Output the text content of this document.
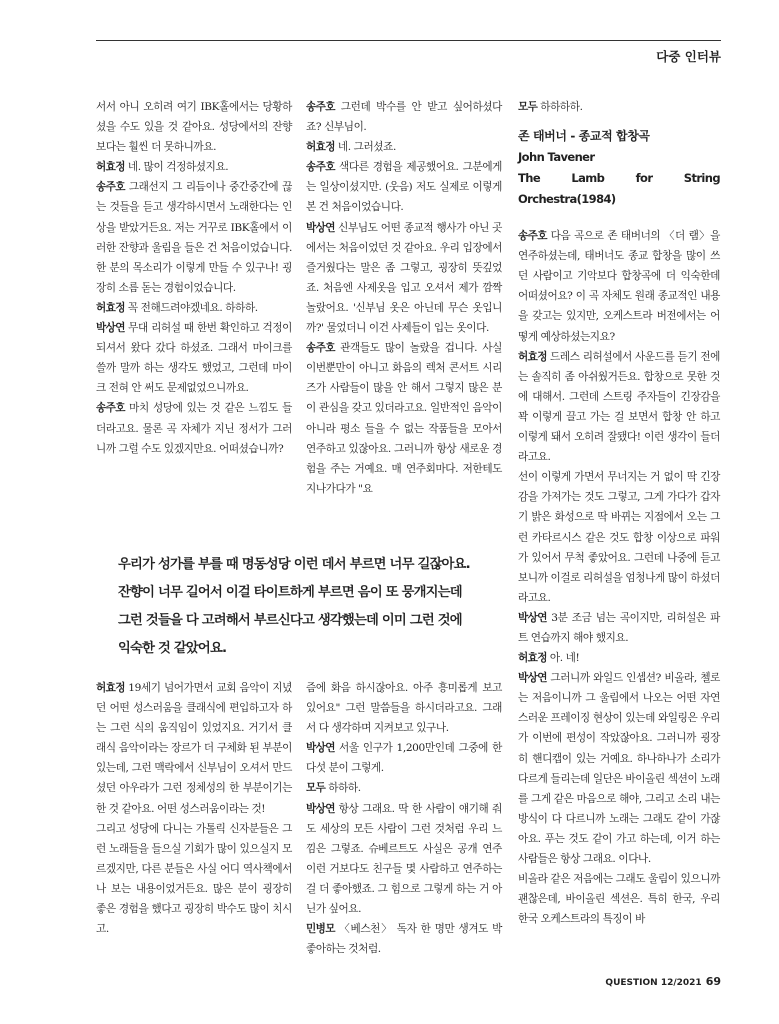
다중 인터뷰

서서 아니 오히려 여기 IBK홀에서는 당황하셨을 수도 있을 것 같아요. 성당에서의 잔향보다는 훨씬 더 못하니까요.

허효정 네. 많이 걱정하셨지요.

송주호 그래선지 그 리듬이나 중간중간에 끊는 것들을 듣고 생각하시면서 노래한다는 인상을 받았거든요. 저는 거꾸로 IBK홀에서 이러한 잔향과 울림을 들은 건 처음이었습니다. 한 분의 목소리가 이렇게 만들 수 있구나! 굉장히 소름 돋는 경험이었습니다.

허효정 꼭 전해드려야겠네요. 하하하.

박상연 무대 리허설 때 한번 확인하고 걱정이 되셔서 왔다 갔다 하셨죠. 그래서 마이크를 쓸까 말까 하는 생각도 했었고, 그런데 마이크 전혀 안 써도 문제없었으니까요.

송주호 마치 성당에 있는 것 같은 느낌도 들더라고요. 물론 곡 자체가 지닌 정서가 그러니까 그럴 수도 있겠지만요. 어떠셨습니까?

송주호 그런데 박수를 안 받고 싶어하셨다죠? 신부님이.

허효정 네. 그러셨죠.

송주호 색다른 경험을 제공했어요. 그분에게는 일상이셨지만. (웃음) 저도 실제로 이렇게 본 건 처음이었습니다.

박상연 신부님도 어떤 종교적 행사가 아닌 곳에서는 처음이었던 것 같아요. 우리 입장에서 즐거웠다는 말은 좀 그렇고, 굉장히 뜻깊었죠. 처음엔 사제옷을 입고 오셔서 제가 깜짝 놀랐어요. '신부님 옷은 아닌데 무슨 옷입니까?' 물었더니 이건 사제들이 입는 옷이다.

송주호 관객들도 많이 놀랐을 겁니다. 사실 이번뿐만이 아니고 화음의 렉처 콘서트 시리즈가 사람들이 많을 안 해서 그렇지 많은 분이 관심을 갖고 있더라고요. 일반적인 음악이 아니라 평소 들을 수 없는 작품들을 모아서 연주하고 있잖아요. 그러니까 항상 새로운 경험을 주는 거예요. 매 연주회마다. 저한테도 지나가다가 "요

모두 하하하하.

존 태버너 - 종교적 합창곡

John Tavener

The Lamb for String Orchestra(1984)

송주호 다음 곡으로 존 태버너의 〈더 램〉을 연주하셨는데, 태버너도 종교 합창을 많이 쓰던 사람이고 기악보다 합창곡에 더 익숙한데 어떠셨어요? 이 곡 자체도 원래 종교적인 내용을 갖고는 있지만, 오케스트라 버전에서는 어떻게 예상하셨는지요?

허효정 드레스 리허설에서 사운드를 듣기 전에는 솔직히 좀 아쉬웠거든요. 합창으로 못한 것에 대해서. 그런데 스트링 주자들이 긴장감을 꽉 이렇게 끌고 가는 걸 보면서 합창 안 하고 이렇게 돼서 오히려 잘됐다! 이런 생각이 들더라고요.

선이 이렇게 가면서 무너지는 거 없이 딱 긴장감을 가져가는 것도 그렇고, 그게 가다가 갑자기 밝은 화성으로 딱 바뀌는 지점에서 오는 그런 카타르시스 같은 것도 합창 이상으로 파워가 있어서 무척 좋았어요. 그런데 나중에 듣고 보니까 이걸로 리허설을 엄청나게 많이 하셨더라고요.

박상연 3분 조금 넘는 곡이지만, 리허설은 파트 연습까지 해야 했지요.

허효정 아. 네!

박상연 그러니까 와일드 인셉션? 비올라, 첼로는 저음이니까 그 울림에서 나오는 어떤 자연스러운 프레이징 현상이 있는데 와일링은 우리가 이번에 편성이 작았잖아요. 그러니까 굉장히 핸디캡이 있는 거예요. 하나하나가 소리가 다르게 들리는데 일단은 바이올린 섹션이 노래를 그게 같은 마음으로 해야, 그리고 소리 내는 방식이 다 다르니까 노래는 그래도 같이 가잖아요. 푸는 것도 같이 가고 하는데, 이거 하는 사람들은 항상 그래요. 이다나.

비올라 같은 저음에는 그래도 울림이 있으니까 괜찮은데, 바이올린 섹션은. 특히 한국, 우리 한국 오케스트라의 특징이 바

우리가 성가를 부를 때 명동성당 이런 데서 부르면 너무 길잖아요.

잔향이 너무 길어서 이걸 타이트하게 부르면 음이 또 뭉개지는데

그런 것들을 다 고려해서 부르신다고 생각했는데 이미 그런 것에

익숙한 것 같았어요.

허효정 19세기 넘어가면서 교회 음악이 지녔던 어떤 성스러움을 클래식에 편입하고자 하는 그런 식의 움직임이 있었지요. 거기서 클래식 음악이라는 장르가 더 구체화 된 부분이 있는데, 그런 맥락에서 신부님이 오셔서 만드셨던 아우라가 그런 정체성의 한 부분이기는 한 것 같아요. 어떤 성스러움이라는 것!

그리고 성당에 다니는 가톨릭 신자분들은 그런 노래들을 들으실 기회가 많이 있으실지 모르겠지만, 다른 분들은 사실 어디 역사책에서나 보는 내용이었거든요. 많은 분이 굉장히 좋은 경험을 했다고 굉장히 박수도 많이 치시고.

즘에 화음 하시잖아요. 아주 흥미롭게 보고 있어요" 그런 말씀들을 하시더라고요. 그래서 다 생각하며 지켜보고 있구나.

박상연 서울 인구가 1,200만인데 그중에 한 다섯 분이 그렇게.

모두 하하하.

박상연 항상 그래요. 딱 한 사람이 얘기해 줘도 세상의 모든 사람이 그런 것처럼 우리 느낌은 그렇죠. 슈베르트도 사실은 공개 연주 이런 거보다도 친구들 몇 사람하고 연주하는 걸 더 좋아했죠. 그 힘으로 그렇게 하는 거 아닌가 싶어요.

민병모 〈베스천〉 독자 한 명만 생겨도 박 좋아하는 것처럼.

QUESTION 12/2021 69
